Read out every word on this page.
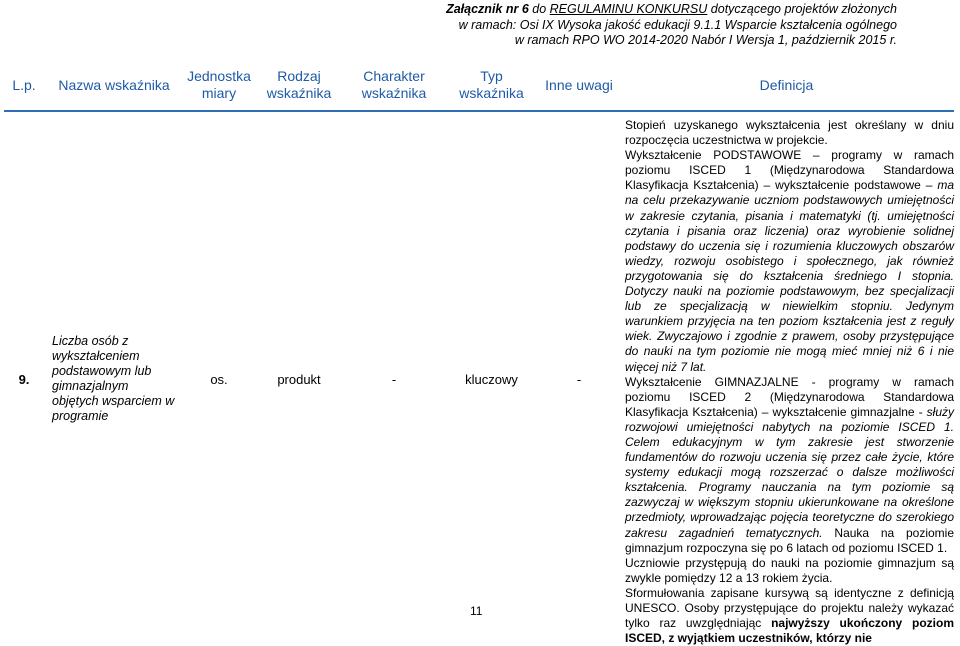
Załącznik nr 6 do REGULAMINU KONKURSU dotyczącego projektów złożonych
w ramach: Osi IX Wysoka jakość edukacji 9.1.1 Wsparcie kształcenia ogólnego
w ramach RPO WO 2014-2020 Nabór I Wersja 1, październik 2015 r.
L.p.	Nazwa wskaźnika	Jednostka miary	Rodzaj wskaźnika	Charakter wskaźnika	Typ wskaźnika	Inne uwagi	Definicja
9.	Liczba osób z wykształceniem podstawowym lub gimnazjalnym objętych wsparciem w programie	os.	produkt	-	kluczowy	-	Stopień uzyskanego wykształcenia jest określany w dniu rozpoczęcia uczestnictwa w projekcie.

Wykształcenie PODSTAWOWE – programy w ramach poziomu ISCED 1 (Międzynarodowa Standardowa Klasyfikacja Kształcenia) – wykształcenie podstawowe – ma na celu przekazywanie uczniom podstawowych umiejętności w zakresie czytania, pisania i matematyki (tj. umiejętności czytania i pisania oraz liczenia) oraz wyrobienie solidnej podstawy do uczenia się i rozumienia kluczowych obszarów wiedzy, rozwoju osobistego i społecznego, jak również przygotowania się do kształcenia średniego I stopnia. Dotyczy nauki na poziomie podstawowym, bez specjalizacji lub ze specjalizacją w niewielkim stopniu. Jedynym warunkiem przyjęcia na ten poziom kształcenia jest z reguły wiek. Zwyczajowo i zgodnie z prawem, osoby przystępujące do nauki na tym poziomie nie mogą mieć mniej niż 6 i nie więcej niż 7 lat.

Wykształcenie GIMNAZJALNE - programy w ramach poziomu ISCED 2 (Międzynarodowa Standardowa Klasyfikacja Kształcenia) – wykształcenie gimnazjalne - służy rozwojowi umiejętności nabytych na poziomie ISCED 1. Celem edukacyjnym w tym zakresie jest stworzenie fundamentów do rozwoju uczenia się przez całe życie, które systemy edukacji mogą rozszerzać o dalsze możliwości kształcenia. Programy nauczania na tym poziomie są zazwyczaj w większym stopniu ukierunkowane na określone przedmioty, wprowadzając pojęcia teoretyczne do szerokiego zakresu zagadnień tematycznych. Nauka na poziomie gimnazjum rozpoczyna się po 6 latach od poziomu ISCED 1.

Uczniowie przystępują do nauki na poziomie gimnazjum są zwykle pomiędzy 12 a 13 rokiem życia.

Sformułowania zapisane kursywą są identyczne z definicją UNESCO. Osoby przystępujące do projektu należy wykazać tylko raz uwzględniając najwyższy ukończony poziom ISCED, z wyjątkiem uczestników, którzy nie

11
